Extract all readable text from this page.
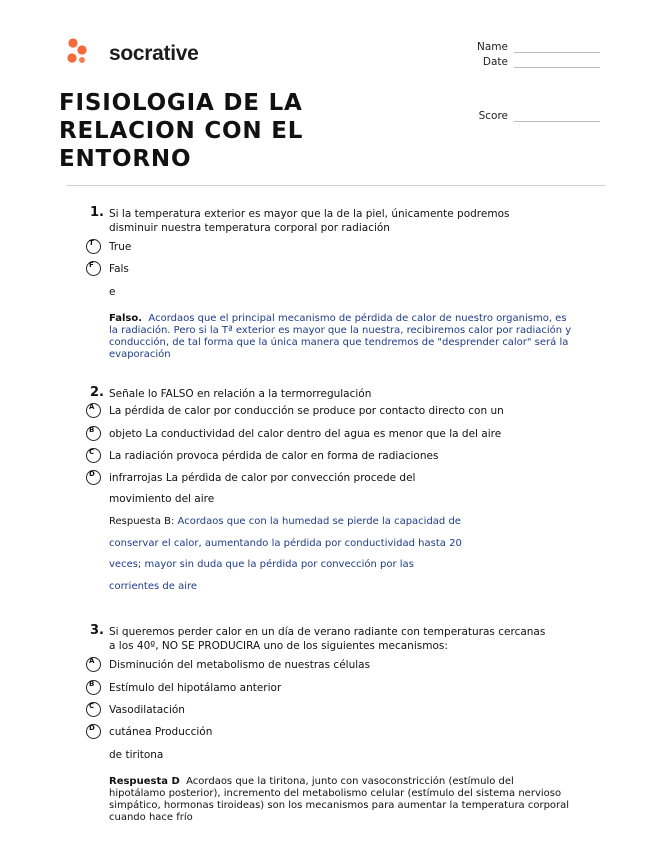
socrative	Name
Date
Score
FISIOLOGIA DE LA
RELACION CON EL
ENTORNO
1. Si la temperatura exterior es mayor que la de la piel, únicamente podremos
disminuir nuestra temperatura corporal por radiación
T	True
F	Fals
e
Falso. Acordaos que el principal mecanismo de pérdida de calor de nuestro organismo, es
la radiación. Pero si la Tª exterior es mayor que la nuestra, recibiremos calor por radiación y
conducción, de tal forma que la única manera que tendremos de "desprender calor" será la
evaporación
2. Señale lo FALSO en relación a la termorregulación
A
B
C
D
La pérdida de calor por conducción se produce por contacto directo con un
objeto La conductividad del calor dentro del agua es menor que la del aire
La radiación provoca pérdida de calor en forma de radiaciones
infrarrojas La pérdida de calor por convección procede del
movimiento del aire
Respuesta B: Acordaos que con la humedad se pierde la capacidad de
conservar el calor, aumentando la pérdida por conductividad hasta 20
veces; mayor sin duda que la pérdida por convección por las
corrientes de aire
3. Si queremos perder calor en un día de verano radiante con temperaturas cercanas
a los 40º, NO SE PRODUCIRA uno de los siguientes mecanismos:
A
B
C
D
Disminución del metabolismo de nuestras células
Estímulo del hipotálamo anterior
Vasodilatación
cutánea Producción
de tiritona
Respuesta D Acordaos que la tiritona, junto con vasoconstricción (estímulo del
hipotálamo posterior), incremento del metabolismo celular (estímulo del sistema nervioso
simpático, hormonas tiroideas) son los mecanismos para aumentar la temperatura corporal
cuando hace frío
